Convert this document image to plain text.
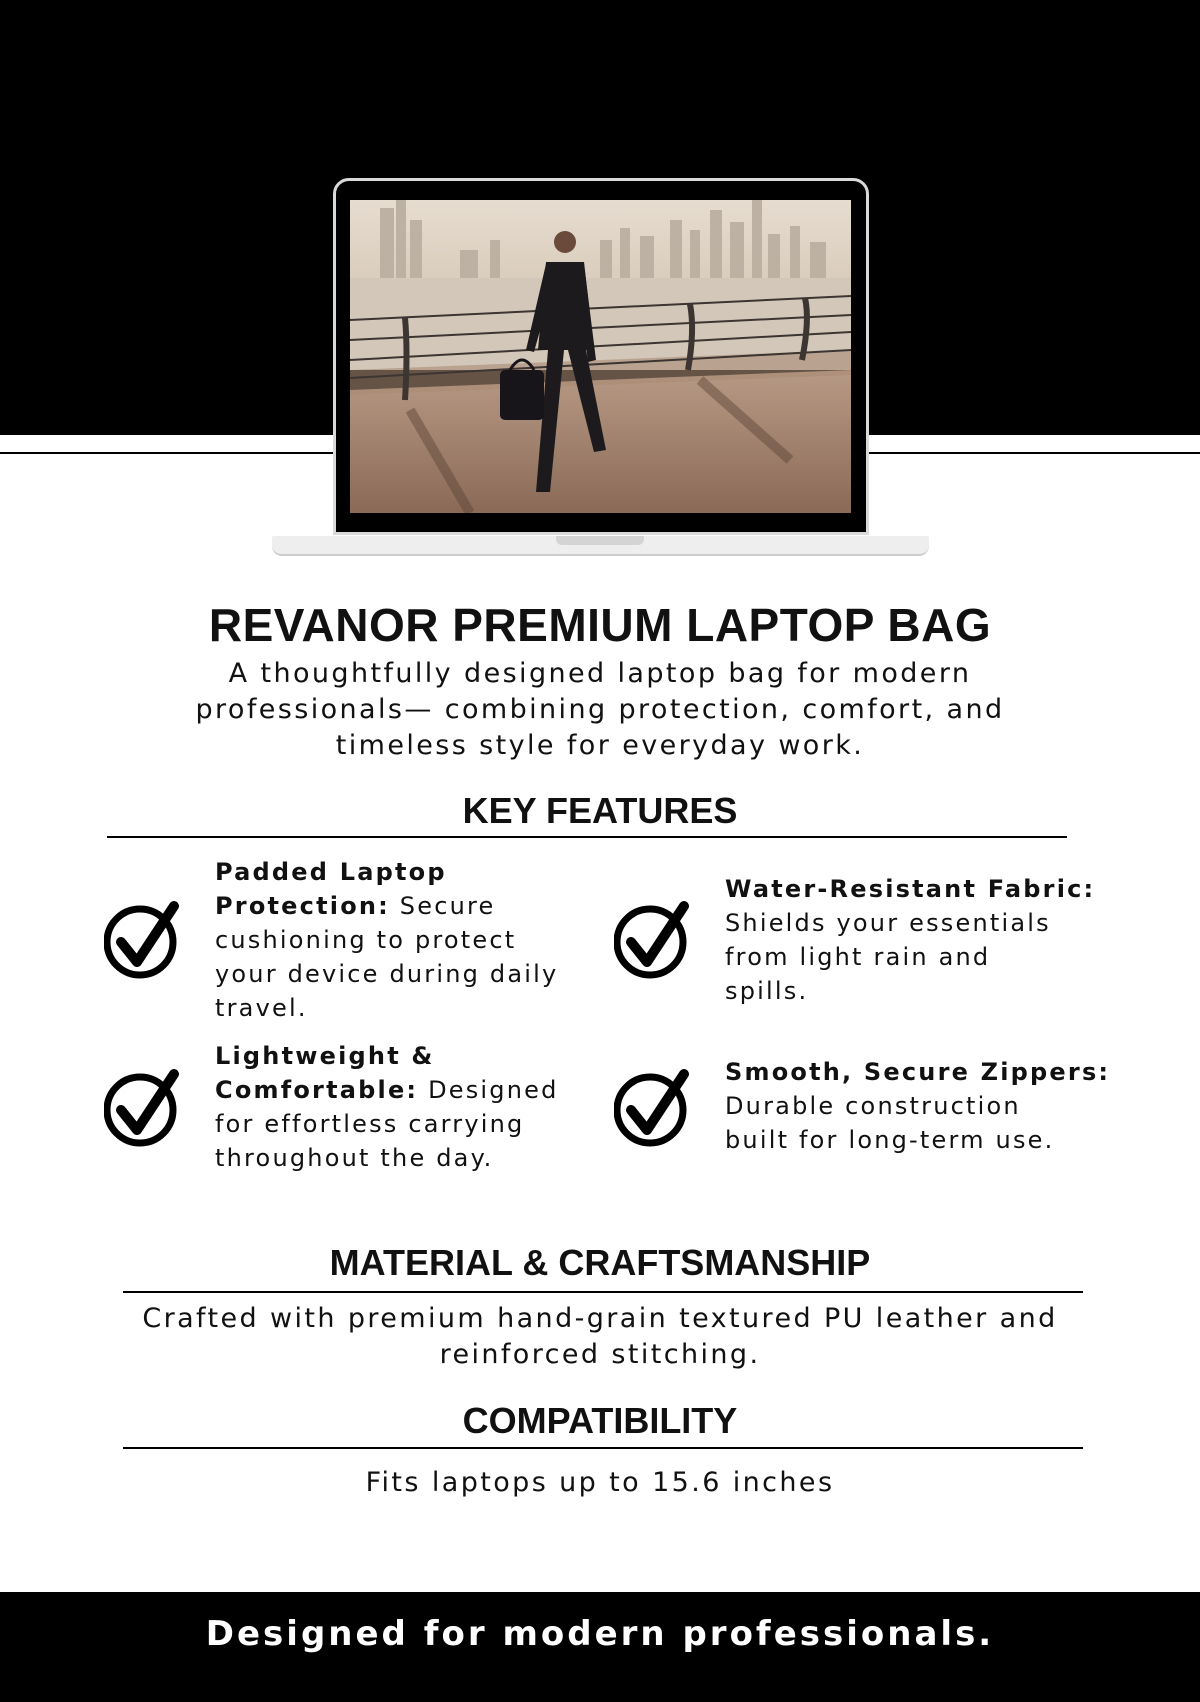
REVANOR PREMIUM LAPTOP BAG
A thoughtfully designed laptop bag for modern
professionals— combining protection, comfort, and
timeless style for everyday work.
KEY FEATURES
Padded Laptop
Protection: Secure
cushioning to protect
your device during daily
travel.
Water-Resistant Fabric:
Shields your essentials
from light rain and
spills.
Lightweight &
Comfortable: Designed
for effortless carrying
throughout the day.
Smooth, Secure Zippers:
Durable construction
built for long-term use.
MATERIAL & CRAFTSMANSHIP
Crafted with premium hand-grain textured PU leather and
reinforced stitching.
COMPATIBILITY
Fits laptops up to 15.6 inches
Designed for modern professionals.
